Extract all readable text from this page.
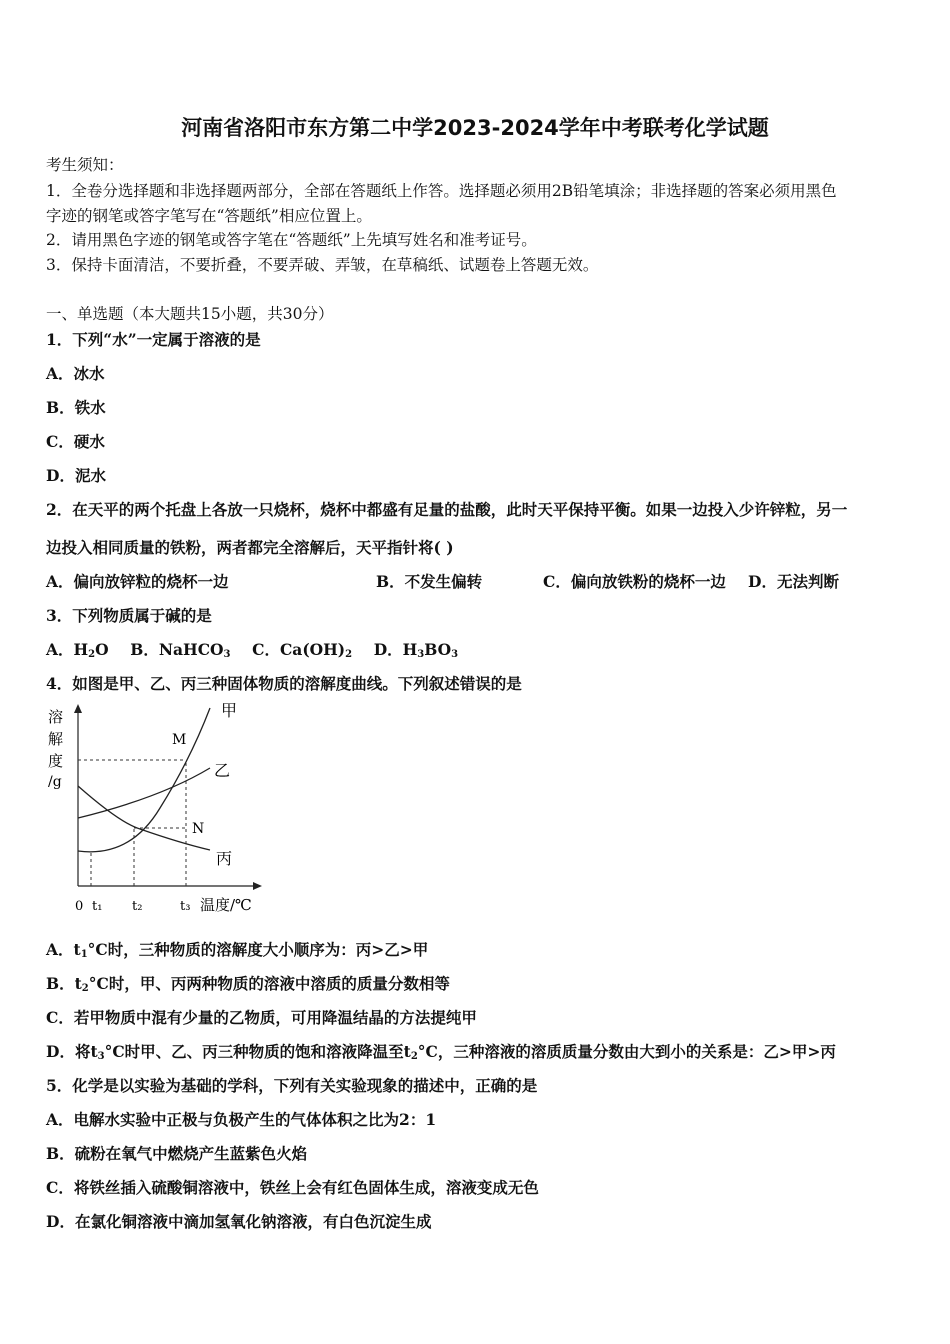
河南省洛阳市东方第二中学2023-2024学年中考联考化学试题
考生须知：
1．全卷分选择题和非选择题两部分，全部在答题纸上作答。选择题必须用2B铅笔填涂；非选择题的答案必须用黑色
字迹的钢笔或答字笔写在“答题纸”相应位置上。
2．请用黑色字迹的钢笔或答字笔在“答题纸”上先填写姓名和准考证号。
3．保持卡面清洁，不要折叠，不要弄破、弄皱，在草稿纸、试题卷上答题无效。
一、单选题（本大题共15小题，共30分）
1．下列“水”一定属于溶液的是
A．冰水
B．铁水
C．硬水
D．泥水
2．在天平的两个托盘上各放一只烧杯，烧杯中都盛有足量的盐酸，此时天平保持平衡。如果一边投入少许锌粒，另一
边投入相同质量的铁粉，两者都完全溶解后，天平指针将( )
A．偏向放锌粒的烧杯一边	B．不发生偏转	C．偏向放铁粉的烧杯一边 D．无法判断
3．下列物质属于碱的是
A．$H_2O$ B．NaHCO$_3$ C．$Ca(OH)_2$ D．$H_3BO_3$
4．如图是甲、乙、丙三种固体物质的溶解度曲线。下列叙述错误的是
溶
解
度
/g
甲
乙
丙
M
N
0 t₁ t₂	t₃ 温度/℃
A．$t_1^\circ C$时，三种物质的溶解度大小顺序为：丙>乙>甲
B．$t_2^\circ C$时，甲、丙两种物质的溶液中溶质的质量分数相等
C．若甲物质中混有少量的乙物质，可用降温结晶的方法提纯甲
D．将$t_3^\circ C$时甲、乙、丙三种物质的饱和溶液降温至$t_2^\circ C$，三种溶液的溶质质量分数由大到小的关系是：乙>甲>丙
5．化学是以实验为基础的学科，下列有关实验现象的描述中，正确的是
A．电解水实验中正极与负极产生的气体体积之比为2：1
B．硫粉在氧气中燃烧产生蓝紫色火焰
C．将铁丝插入硫酸铜溶液中，铁丝上会有红色固体生成，溶液变成无色
D．在氯化铜溶液中滴加氢氧化钠溶液，有白色沉淀生成
